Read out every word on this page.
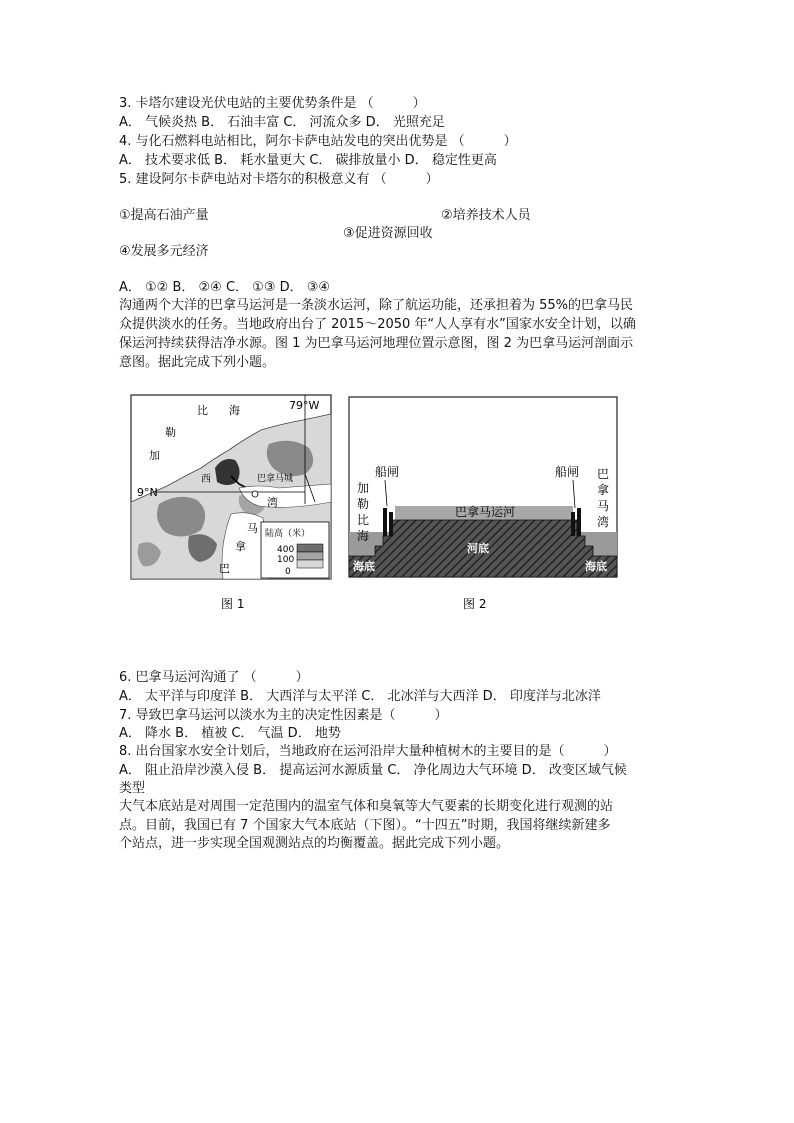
3. 卡塔尔建设光伏电站的主要优势条件是 （　　　）
A． 气候炎热 B． 石油丰富 C． 河流众多 D． 光照充足
4. 与化石燃料电站相比，阿尔卡萨电站发电的突出优势是 （　　　）
A． 技术要求低 B． 耗水量更大 C． 碳排放量小 D． 稳定性更高
5. 建设阿尔卡萨电站对卡塔尔的积极意义有 （　　　）
①提高石油产量	②培养技术人员
③促进资源回收
④发展多元经济
A． ①② B． ②④ C． ①③ D． ③④
沟通两个大洋的巴拿马运河是一条淡水运河，除了航运功能，还承担着为 55%的巴拿马民
众提供淡水的任务。当地政府出台了 2015～2050 年“人人享有水”国家水安全计划，以确
保运河持续获得洁净水源。图 1 为巴拿马运河地理位置示意图，图 2 为巴拿马运河剖面示
意图。据此完成下列小题。
79°W
9°N
比 海
勒
加
西	巴拿马城
湾
马
拿
巴
陆高（米）
400
100
0
图 1
船闸	船闸
巴拿马运河
加
勒
比
海
巴
拿
马
湾
河底
海底	海底
图 2
6. 巴拿马运河沟通了 （　　　）
A． 太平洋与印度洋 B． 大西洋与太平洋 C． 北冰洋与大西洋 D． 印度洋与北冰洋
7. 导致巴拿马运河以淡水为主的决定性因素是（　　　）
A． 降水 B． 植被 C． 气温 D． 地势
8. 出台国家水安全计划后，当地政府在运河沿岸大量种植树木的主要目的是（　　　）
A． 阻止沿岸沙漠入侵 B． 提高运河水源质量 C． 净化周边大气环境 D． 改变区域气候
类型
大气本底站是对周围一定范围内的温室气体和臭氧等大气要素的长期变化进行观测的站
点。目前，我国已有 7 个国家大气本底站（下图）。“十四五”时期，我国将继续新建多
个站点，进一步实现全国观测站点的均衡覆盖。据此完成下列小题。
